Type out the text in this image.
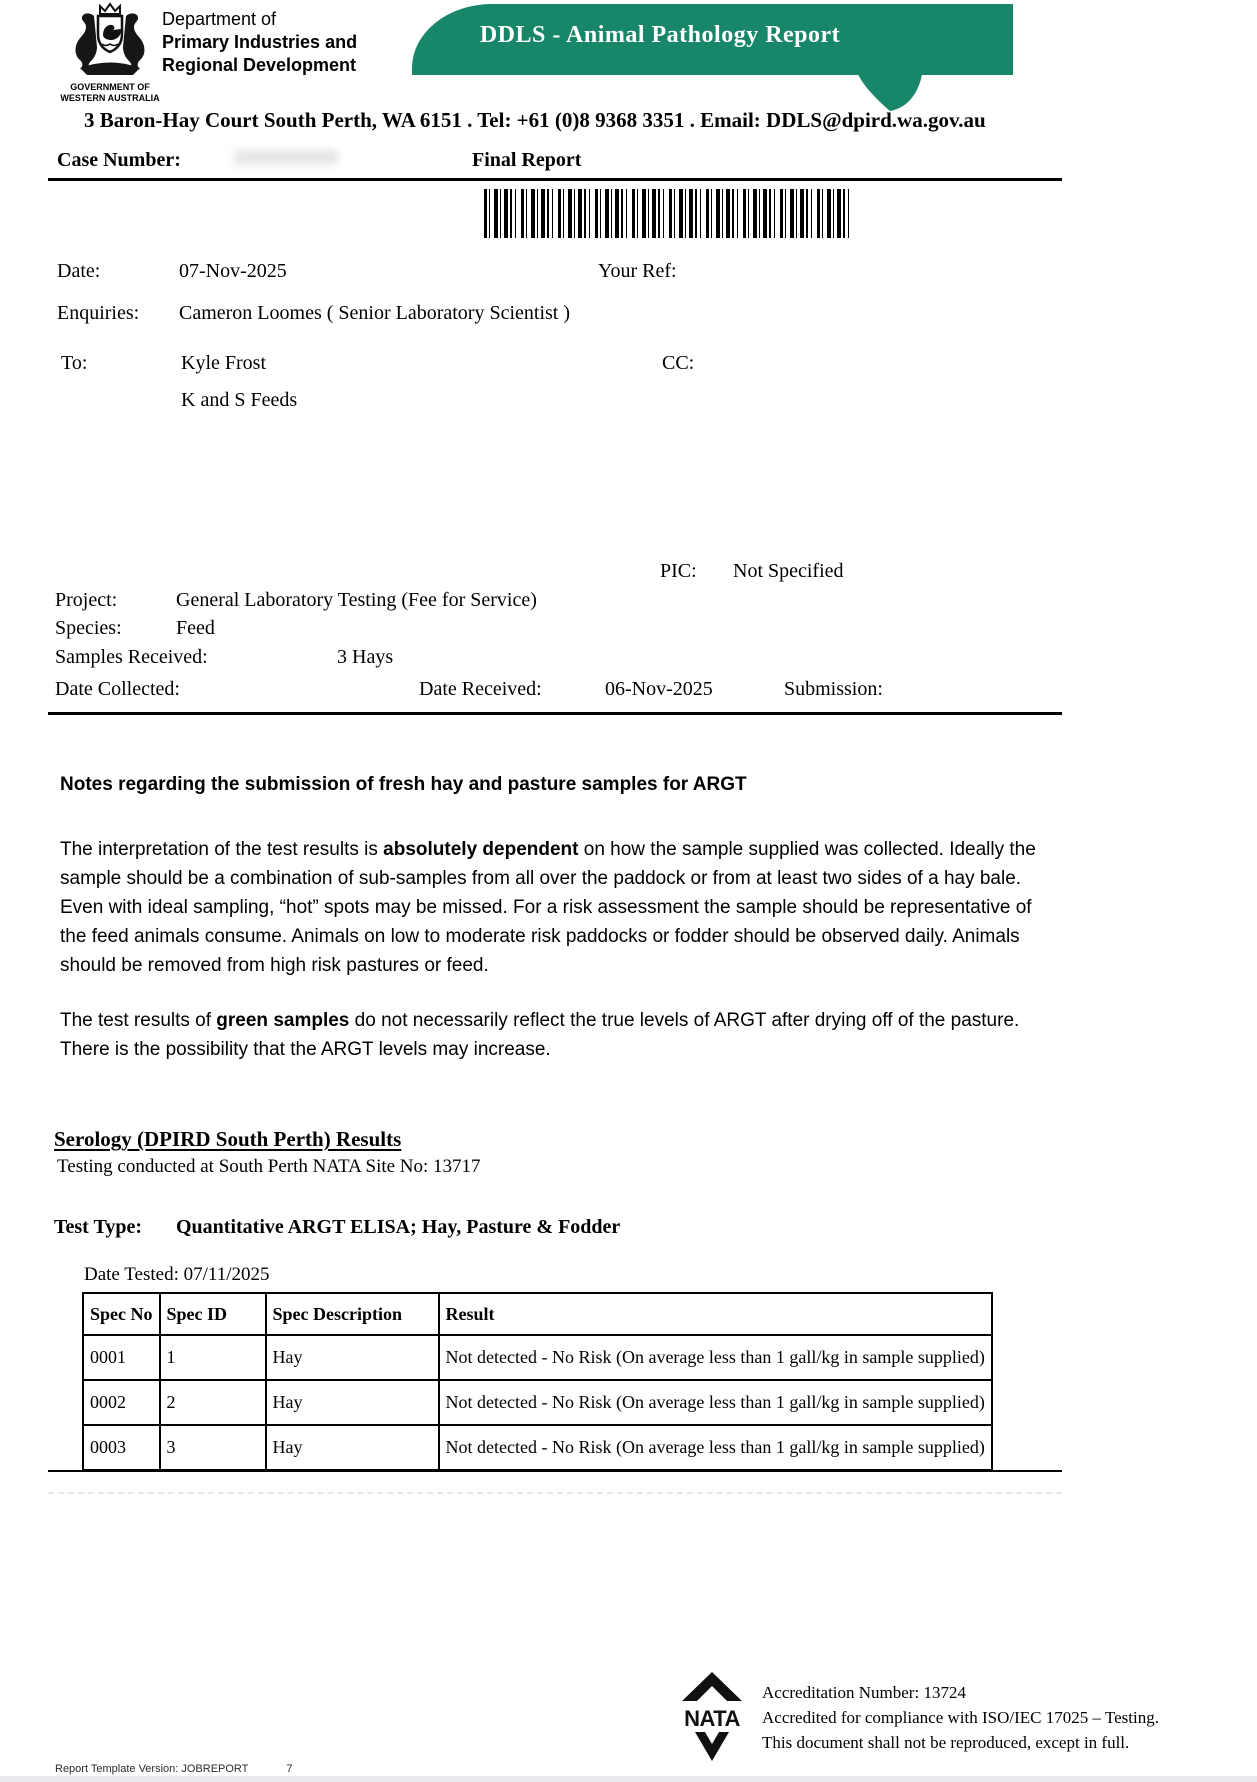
GOVERNMENT OF
WESTERN AUSTRALIA
Department of
Primary Industries and
Regional Development
DDLS - Animal Pathology Report
3 Baron-Hay Court South Perth, WA 6151 . Tel: +61 (0)8 9368 3351 . Email: DDLS@dpird.wa.gov.au
Case Number:	Final Report
Date:	07-Nov-2025	Your Ref:
Enquiries: Cameron Loomes ( Senior Laboratory Scientist )
To:	Kyle Frost	CC:
K and S Feeds
PIC: Not Specified
Project:	General Laboratory Testing (Fee for Service)
Species:	Feed
Samples Received:	3 Hays
Date Collected:	Date Received:	06-Nov-2025	Submission:
Notes regarding the submission of fresh hay and pasture samples for ARGT
The interpretation of the test results is absolutely dependent on how the sample supplied was collected. Ideally the sample should be a combination of sub-samples from all over the paddock or from at least two sides of a hay bale. Even with ideal sampling, “hot” spots may be missed. For a risk assessment the sample should be representative of the feed animals consume. Animals on low to moderate risk paddocks or fodder should be observed daily. Animals should be removed from high risk pastures or feed.
The test results of green samples do not necessarily reflect the true levels of ARGT after drying off of the pasture. There is the possibility that the ARGT levels may increase.
Serology (DPIRD South Perth) Results
Testing conducted at South Perth NATA Site No: 13717
Test Type: Quantitative ARGT ELISA; Hay, Pasture & Fodder
Date Tested: 07/11/2025
Spec No	Spec ID	Spec Description	Result
0001	1	Hay	Not detected - No Risk (On average less than 1 gall/kg in sample supplied)
0002	2	Hay	Not detected - No Risk (On average less than 1 gall/kg in sample supplied)
0003	3	Hay	Not detected - No Risk (On average less than 1 gall/kg in sample supplied)
NATA
Accreditation Number: 13724
Accredited for compliance with ISO/IEC 17025 – Testing.
This document shall not be reproduced, except in full.
Report Template Version: JOBREPORT	7
